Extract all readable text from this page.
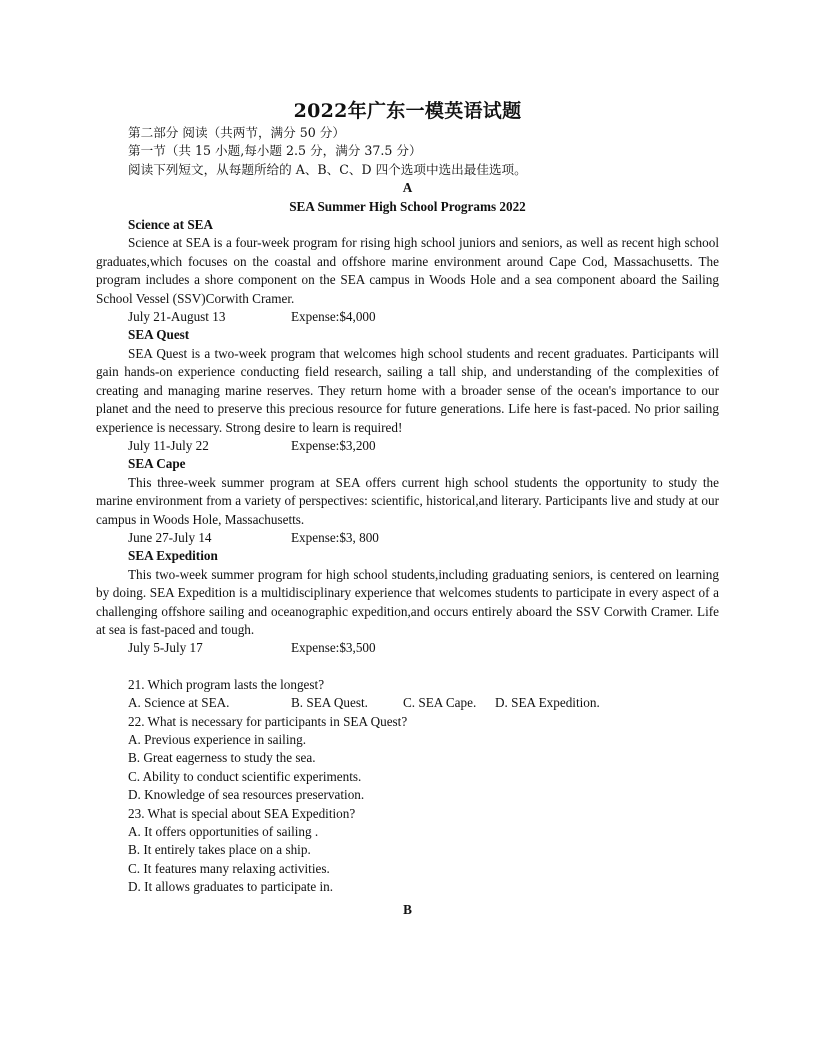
2022年广东一模英语试题
第二部分 阅读（共两节，满分 50 分）
第一节（共 15 小题,每小题 2.5 分，满分 37.5 分）
阅读下列短文，从每题所给的 A、B、C、D 四个选项中选出最佳选项。
A
SEA Summer High School Programs 2022
Science at SEA
Science at SEA is a four-week program for rising high school juniors and seniors, as well as recent high school graduates,which focuses on the coastal and offshore marine environment around Cape Cod, Massachusetts. The program includes a shore component on the SEA campus in Woods Hole and a sea component aboard the Sailing School Vessel (SSV)Corwith Cramer.
July 21-August 13	Expense:$4,000
SEA Quest
SEA Quest is a two-week program that welcomes high school students and recent graduates. Participants will gain hands-on experience conducting field research, sailing a tall ship, and understanding of the complexities of creating and managing marine reserves. They return home with a broader sense of the ocean's importance to our planet and the need to preserve this precious resource for future generations. Life here is fast-paced. No prior sailing experience is necessary. Strong desire to learn is required!
July 11-July 22	Expense:$3,200
SEA Cape
This three-week summer program at SEA offers current high school students the opportunity to study the marine environment from a variety of perspectives: scientific, historical,and literary. Participants live and study at our campus in Woods Hole, Massachusetts.
June 27-July 14	Expense:$3, 800
SEA Expedition
This two-week summer program for high school students,including graduating seniors, is centered on learning by doing. SEA Expedition is a multidisciplinary experience that welcomes students to participate in every aspect of a challenging offshore sailing and oceanographic expedition,and occurs entirely aboard the SSV Corwith Cramer. Life at sea is fast-paced and tough.
July 5-July 17	Expense:$3,500
21. Which program lasts the longest?
A. Science at SEA.	B. SEA Quest.	C. SEA Cape. D. SEA Expedition.
22. What is necessary for participants in SEA Quest?
A. Previous experience in sailing.
B. Great eagerness to study the sea.
C. Ability to conduct scientific experiments.
D. Knowledge of sea resources preservation.
23. What is special about SEA Expedition?
A. It offers opportunities of sailing .
B. It entirely takes place on a ship.
C. It features many relaxing activities.
D. It allows graduates to participate in.
B
